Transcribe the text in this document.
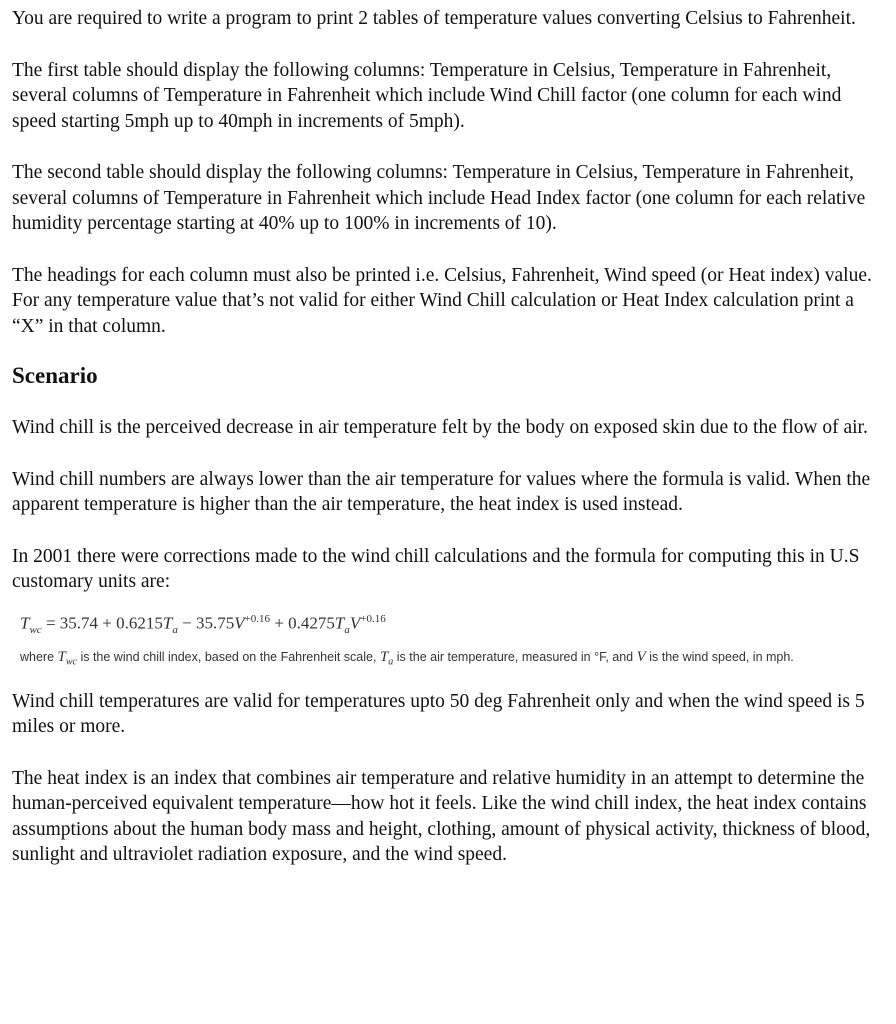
You are required to write a program to print 2 tables of temperature values converting Celsius to Fahrenheit.

The first table should display the following columns: Temperature in Celsius, Temperature in Fahrenheit, several columns of Temperature in Fahrenheit which include Wind Chill factor (one column for each wind speed starting 5mph up to 40mph in increments of 5mph).

The second table should display the following columns: Temperature in Celsius, Temperature in Fahrenheit, several columns of Temperature in Fahrenheit which include Head Index factor (one column for each relative humidity percentage starting at 40% up to 100% in increments of 10).

The headings for each column must also be printed i.e. Celsius, Fahrenheit, Wind speed (or Heat index) value. For any temperature value that’s not valid for either Wind Chill calculation or Heat Index calculation print a “X” in that column.

Scenario

Wind chill is the perceived decrease in air temperature felt by the body on exposed skin due to the flow of air.

Wind chill numbers are always lower than the air temperature for values where the formula is valid. When the apparent temperature is higher than the air temperature, the heat index is used instead.

In 2001 there were corrections made to the wind chill calculations and the formula for computing this in U.S customary units are:

$T_{wc} = 35.74 + 0.6215T_a - 35.75V^{+0.16} + 0.4275T_aV^{+0.16}$
where $T_{wc}$ is the wind chill index, based on the Fahrenheit scale, $T_a$ is the air temperature, measured in °F, and V is the wind speed, in mph.

Wind chill temperatures are valid for temperatures upto 50 deg Fahrenheit only and when the wind speed is 5 miles or more.

The heat index is an index that combines air temperature and relative humidity in an attempt to determine the human-perceived equivalent temperature—how hot it feels. Like the wind chill index, the heat index contains assumptions about the human body mass and height, clothing, amount of physical activity, thickness of blood, sunlight and ultraviolet radiation exposure, and the wind speed.
